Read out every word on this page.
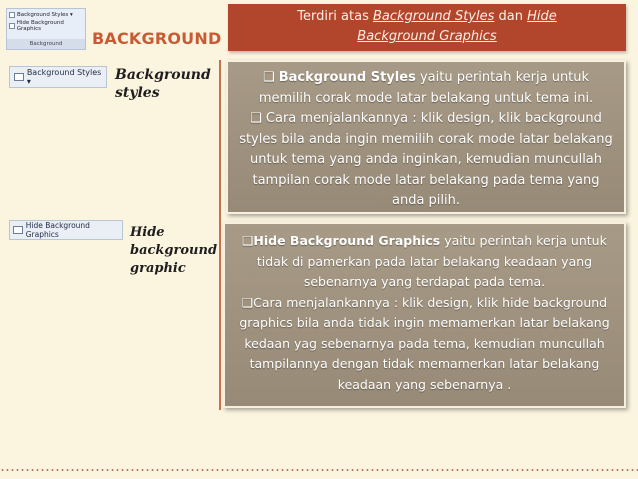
Background Styles ▾
Hide Background Graphics
Background	BACKGROUND
Terdiri atas Background Styles dan Hide
Background Graphics
Background Styles ▾	Background
styles
Hide Background Graphics	Hide
background
graphic
❑ Background Styles yaitu perintah kerja untuk memilih corak mode latar belakang untuk tema ini.
❑ Cara menjalankannya : klik design, klik background styles bila anda ingin memilih corak mode latar belakang untuk tema yang anda inginkan, kemudian muncullah tampilan corak mode latar belakang pada tema yang anda pilih.
❑Hide Background Graphics yaitu perintah kerja untuk tidak di pamerkan pada latar belakang keadaan yang sebenarnya yang terdapat pada tema.
❑Cara menjalankannya : klik design, klik hide background graphics bila anda tidak ingin memamerkan latar belakang kedaan yag sebenarnya pada tema, kemudian muncullah tampilannya dengan tidak memamerkan latar belakang keadaan yang sebenarnya .
